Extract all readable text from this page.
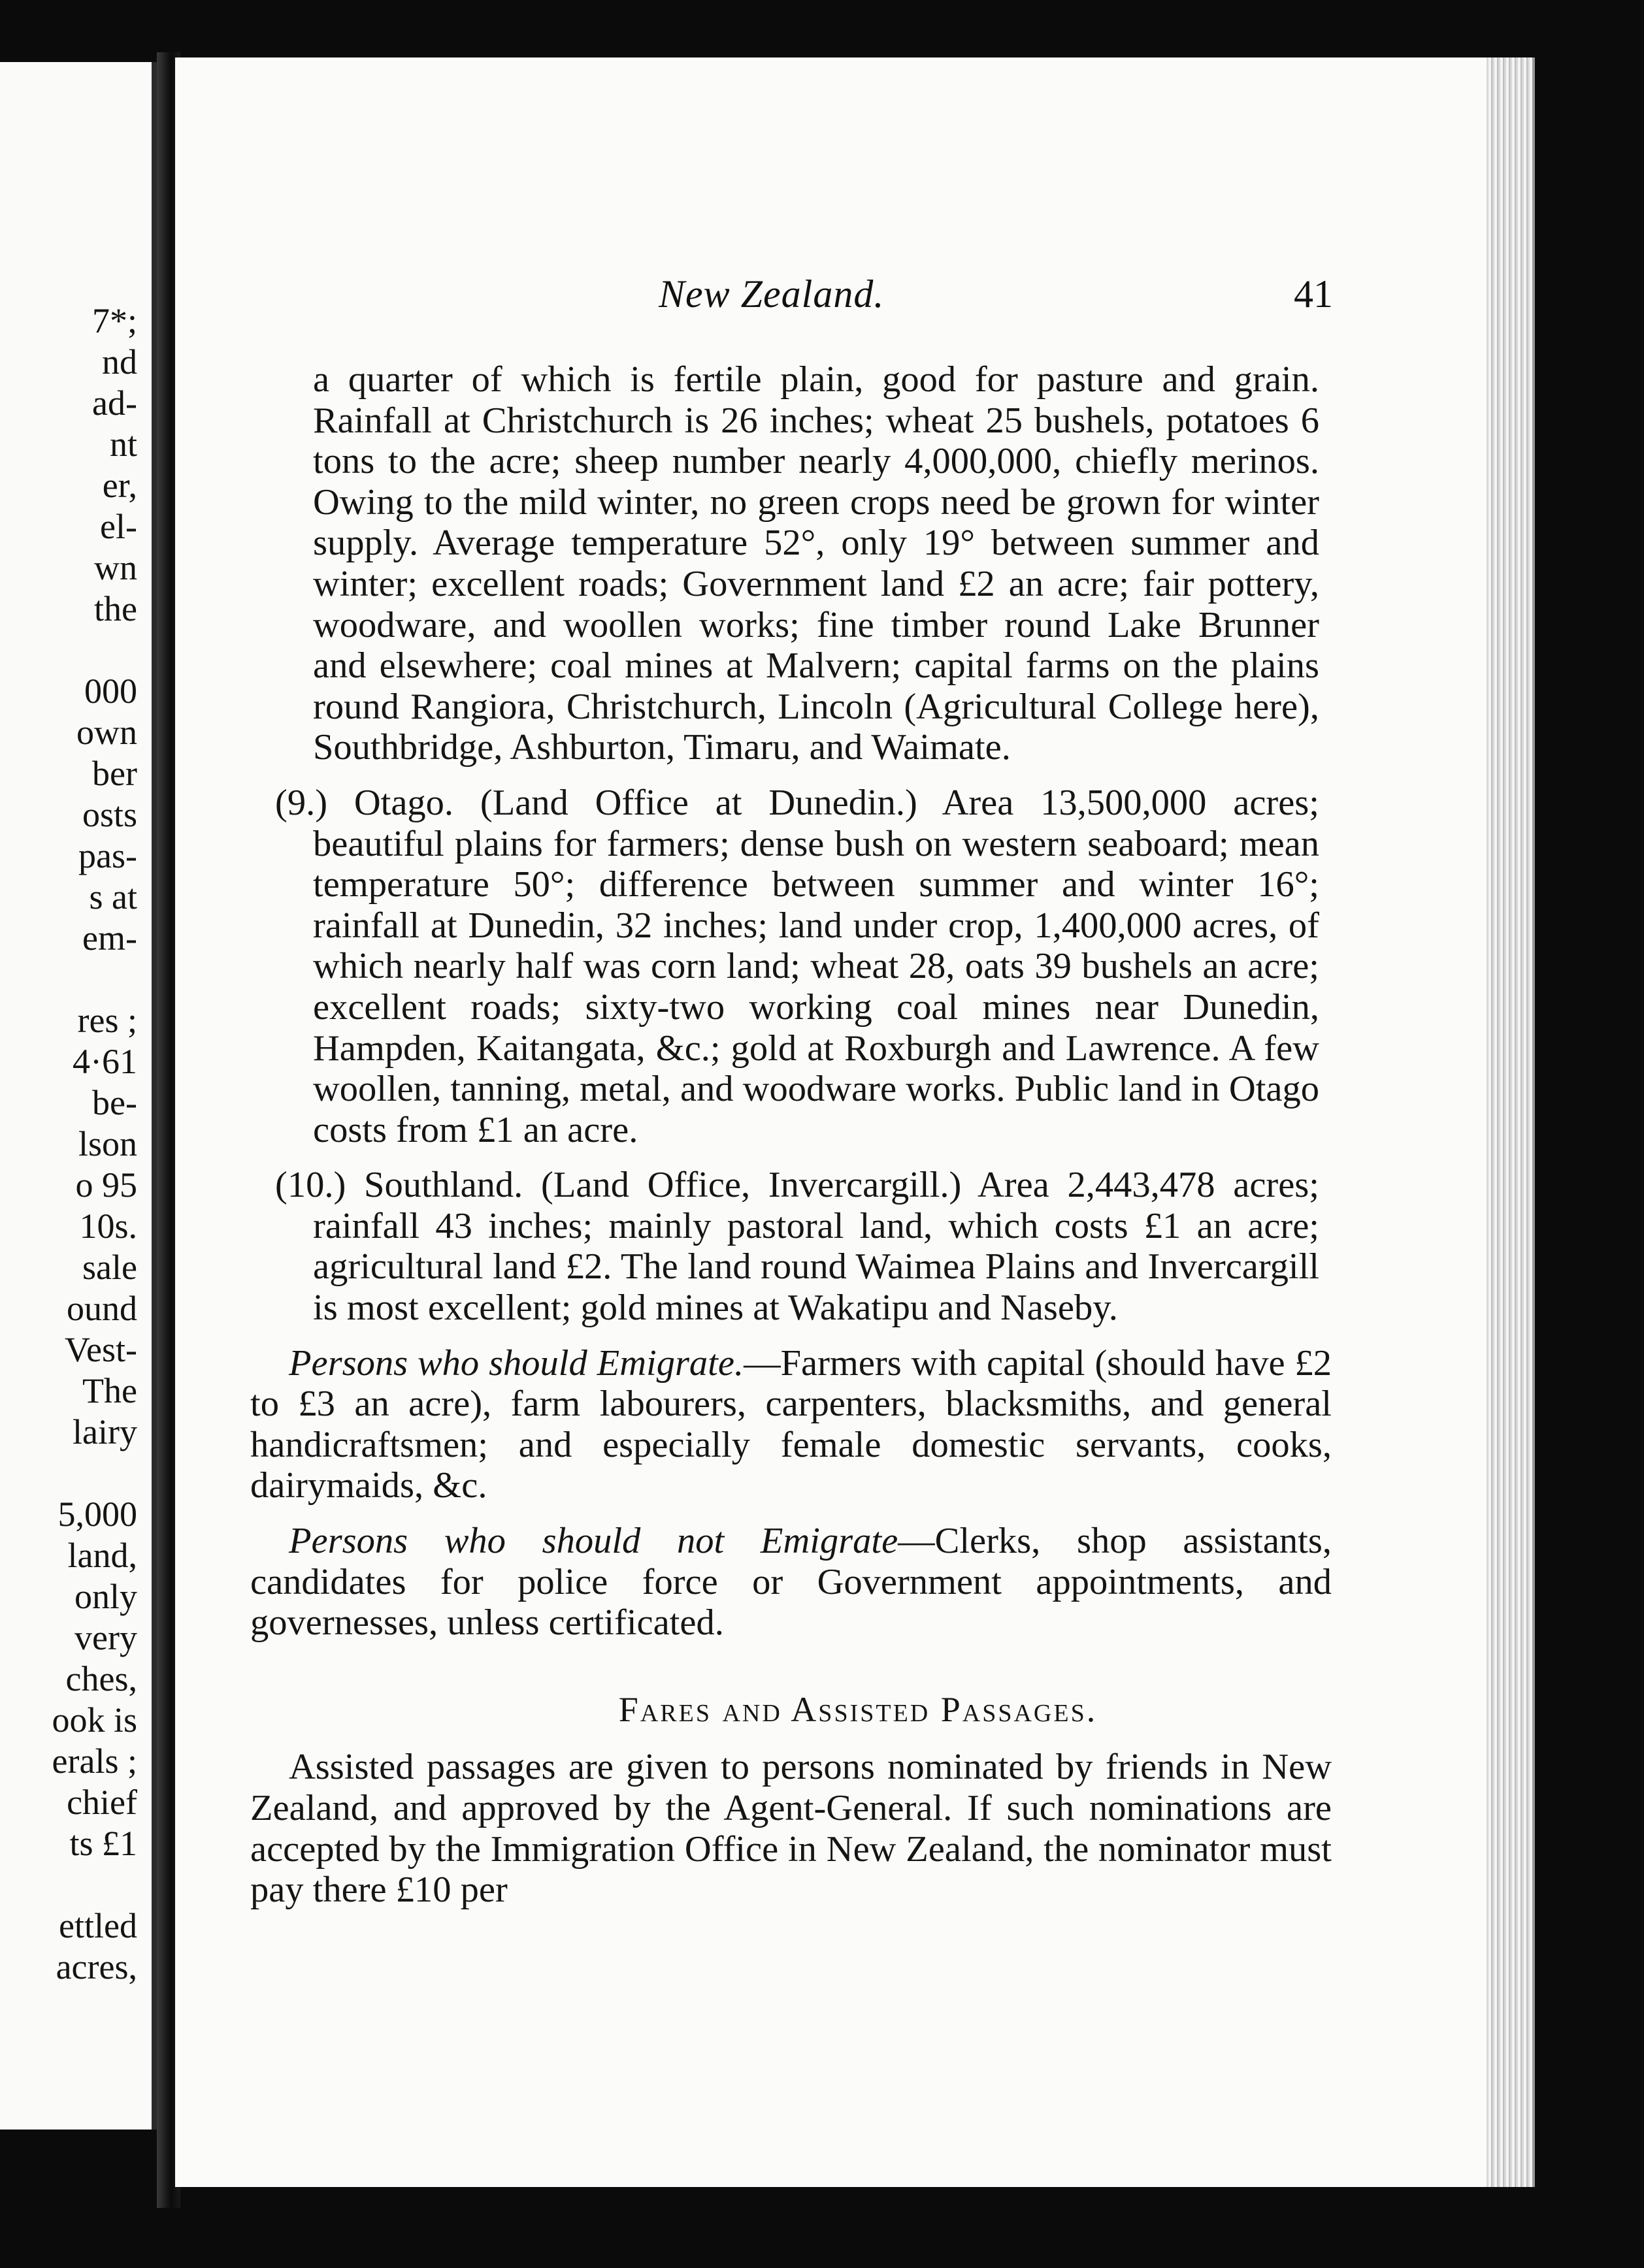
7*;
nd
ad-
nt
er,
el-
wn
the
000
own
ber
osts
pas-
s at
em-
res ;
4·61
be-
lson
o 95
10s.
sale
ound
Vest-
The
lairy
5,000
land,
only
very
ches,
ook is
erals ;
chief
ts £1
ettled
acres,
New Zealand.	41

a quarter of which is fertile plain, good for pasture and grain. Rainfall at Christchurch is 26 inches; wheat 25 bushels, potatoes 6 tons to the acre; sheep number nearly 4,000,000, chiefly merinos. Owing to the mild winter, no green crops need be grown for winter supply. Average temperature 52°, only 19° between summer and winter; excellent roads; Government land £2 an acre; fair pottery, woodware, and woollen works; fine timber round Lake Brunner and elsewhere; coal mines at Malvern; capital farms on the plains round Rangiora, Christchurch, Lincoln (Agricultural College here), Southbridge, Ashburton, Timaru, and Waimate.

(9.) Otago. (Land Office at Dunedin.) Area 13,500,000 acres; beautiful plains for farmers; dense bush on western seaboard; mean temperature 50°; difference between summer and winter 16°; rainfall at Dunedin, 32 inches; land under crop, 1,400,000 acres, of which nearly half was corn land; wheat 28, oats 39 bushels an acre; excellent roads; sixty-two working coal mines near Dunedin, Hampden, Kaitangata, &c.; gold at Roxburgh and Lawrence. A few woollen, tanning, metal, and woodware works. Public land in Otago costs from £1 an acre.

(10.) Southland. (Land Office, Invercargill.) Area 2,443,478 acres; rainfall 43 inches; mainly pastoral land, which costs £1 an acre; agricultural land £2. The land round Waimea Plains and Invercargill is most excellent; gold mines at Wakatipu and Naseby.

Persons who should Emigrate.—Farmers with capital (should have £2 to £3 an acre), farm labourers, carpenters, blacksmiths, and general handicraftsmen; and especially female domestic servants, cooks, dairymaids, &c.

Persons who should not Emigrate—Clerks, shop assistants, candidates for police force or Government appointments, and governesses, unless certificated.

Fares and Assisted Passages.

Assisted passages are given to persons nominated by friends in New Zealand, and approved by the Agent-General. If such nominations are accepted by the Immigration Office in New Zealand, the nominator must pay there £10 per
